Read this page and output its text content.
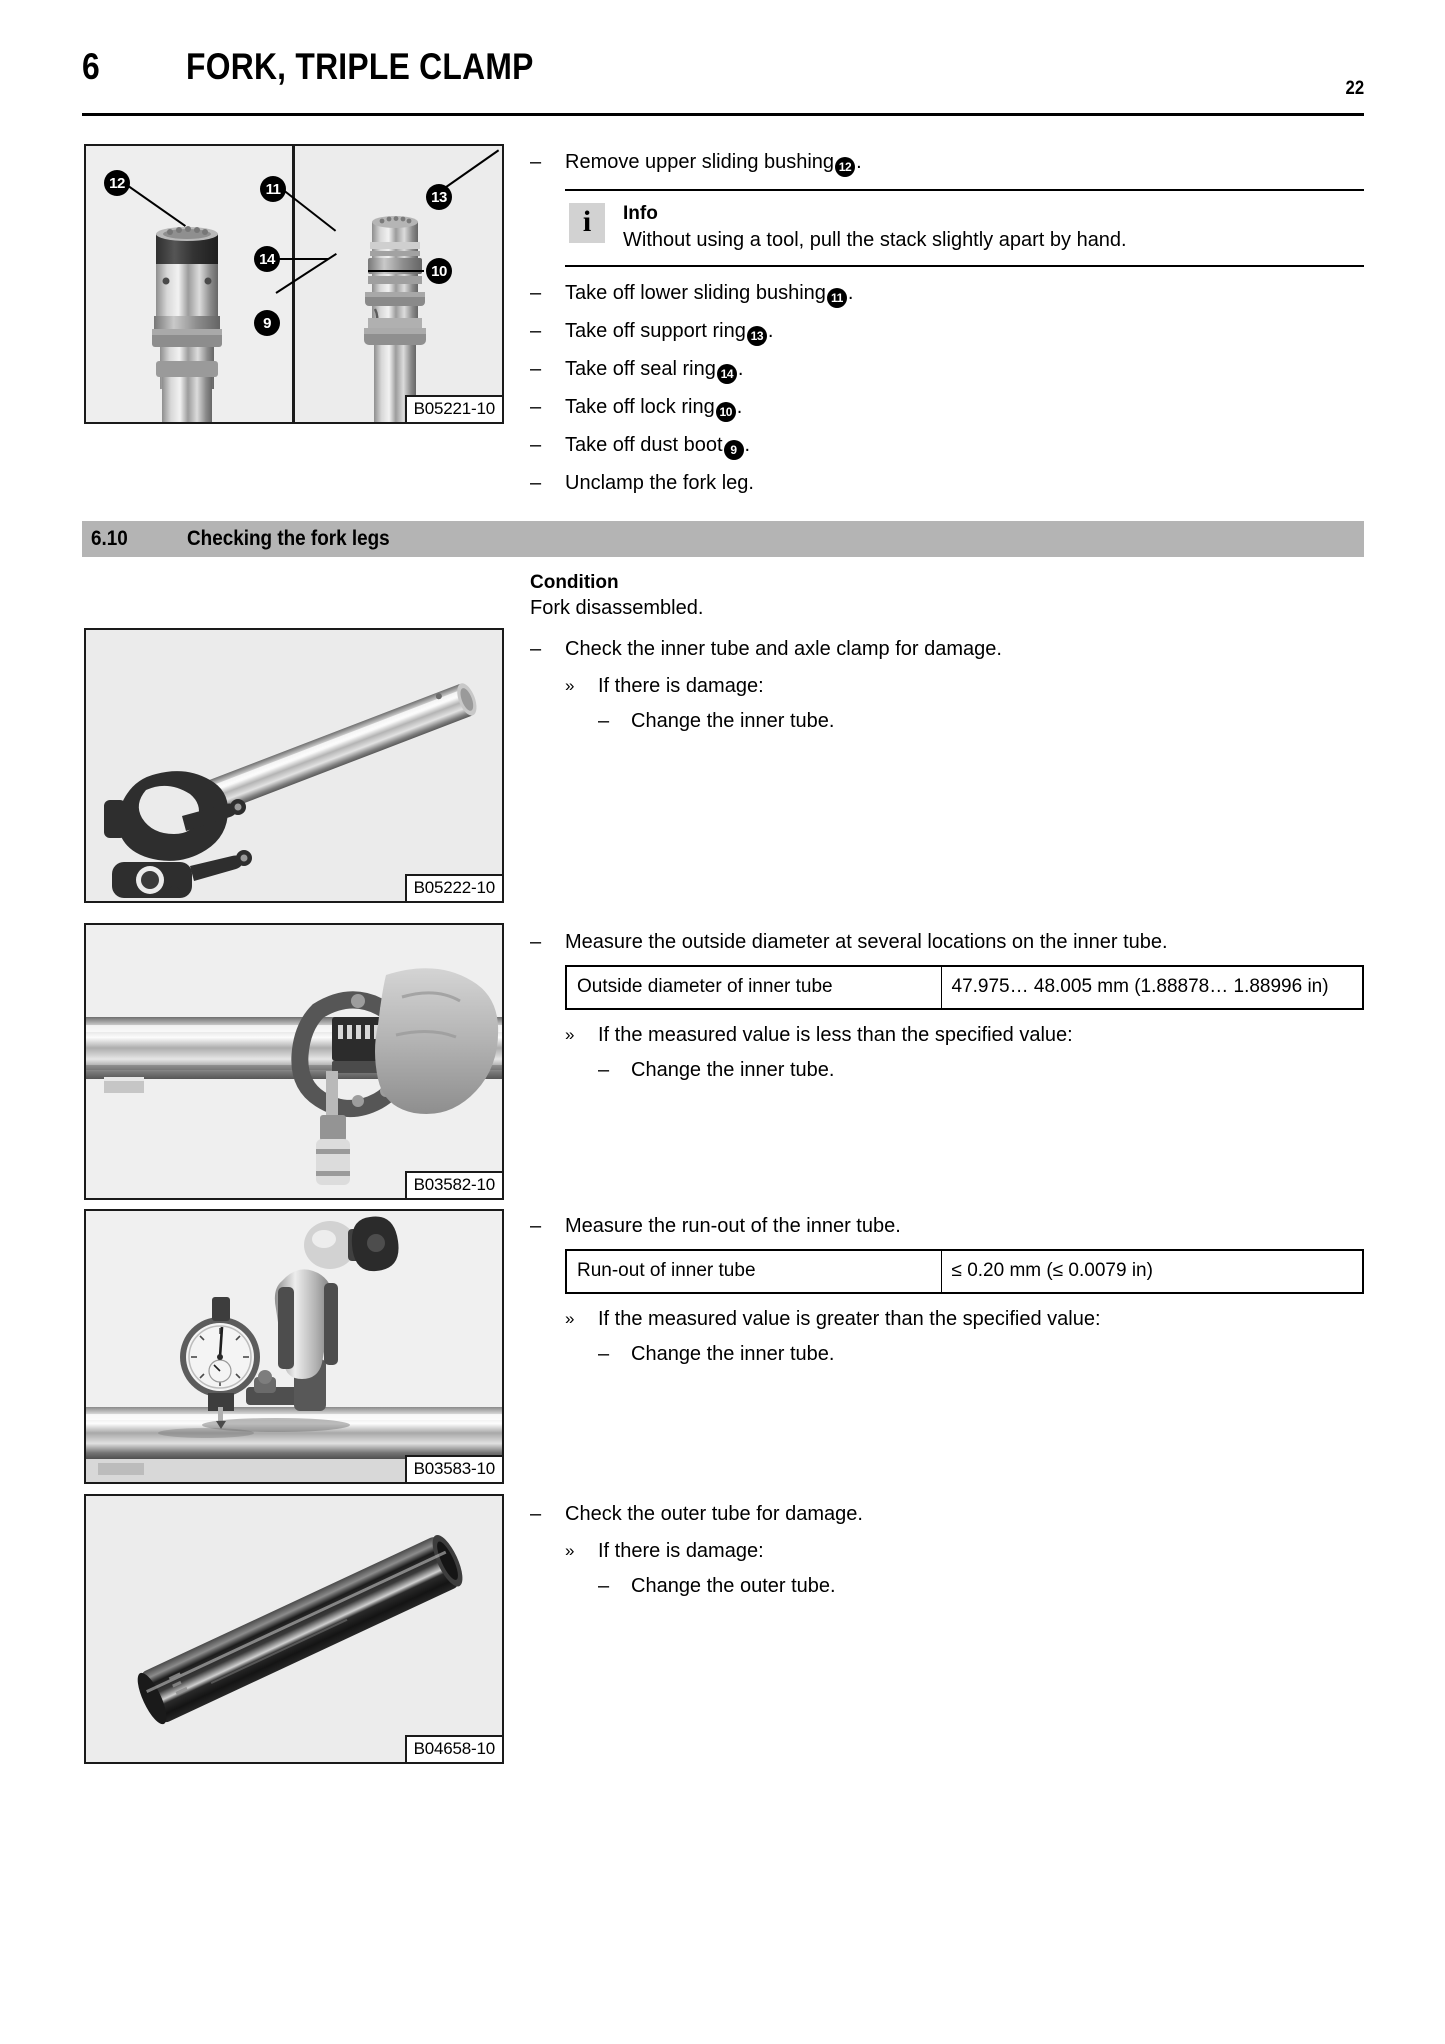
6 FORK, TRIPLE CLAMP
22
12	11	13
14
10
9
B05221-10
–	Remove upper sliding bushing 12 .
i Info
Without using a tool, pull the stack slightly apart by hand.
–	Take off lower sliding bushing 11 .
–	Take off support ring 13 .
–	Take off seal ring 14 .
–	Take off lock ring 10 .
–	Take off dust boot 9 .
–	Unclamp the fork leg.
6.10	Checking the fork legs
Condition
Fork disassembled.
–	Check the inner tube and axle clamp for damage.
»	If there is damage:
–	Change the inner tube.
B05222-10
–	Measure the outside diameter at several locations on the inner tube.
Outside diameter of inner tube	47.975… 48.005 mm (1.88878… 1.88996 in)
»	If the measured value is less than the specified value:
–	Change the inner tube.
B03582-10
–	Measure the run-out of the inner tube.
Run-out of inner tube	≤ 0.20 mm (≤ 0.0079 in)
»	If the measured value is greater than the specified value:
–	Change the inner tube.
B03583-10
–	Check the outer tube for damage.
»	If there is damage:
–	Change the outer tube.
B04658-10
